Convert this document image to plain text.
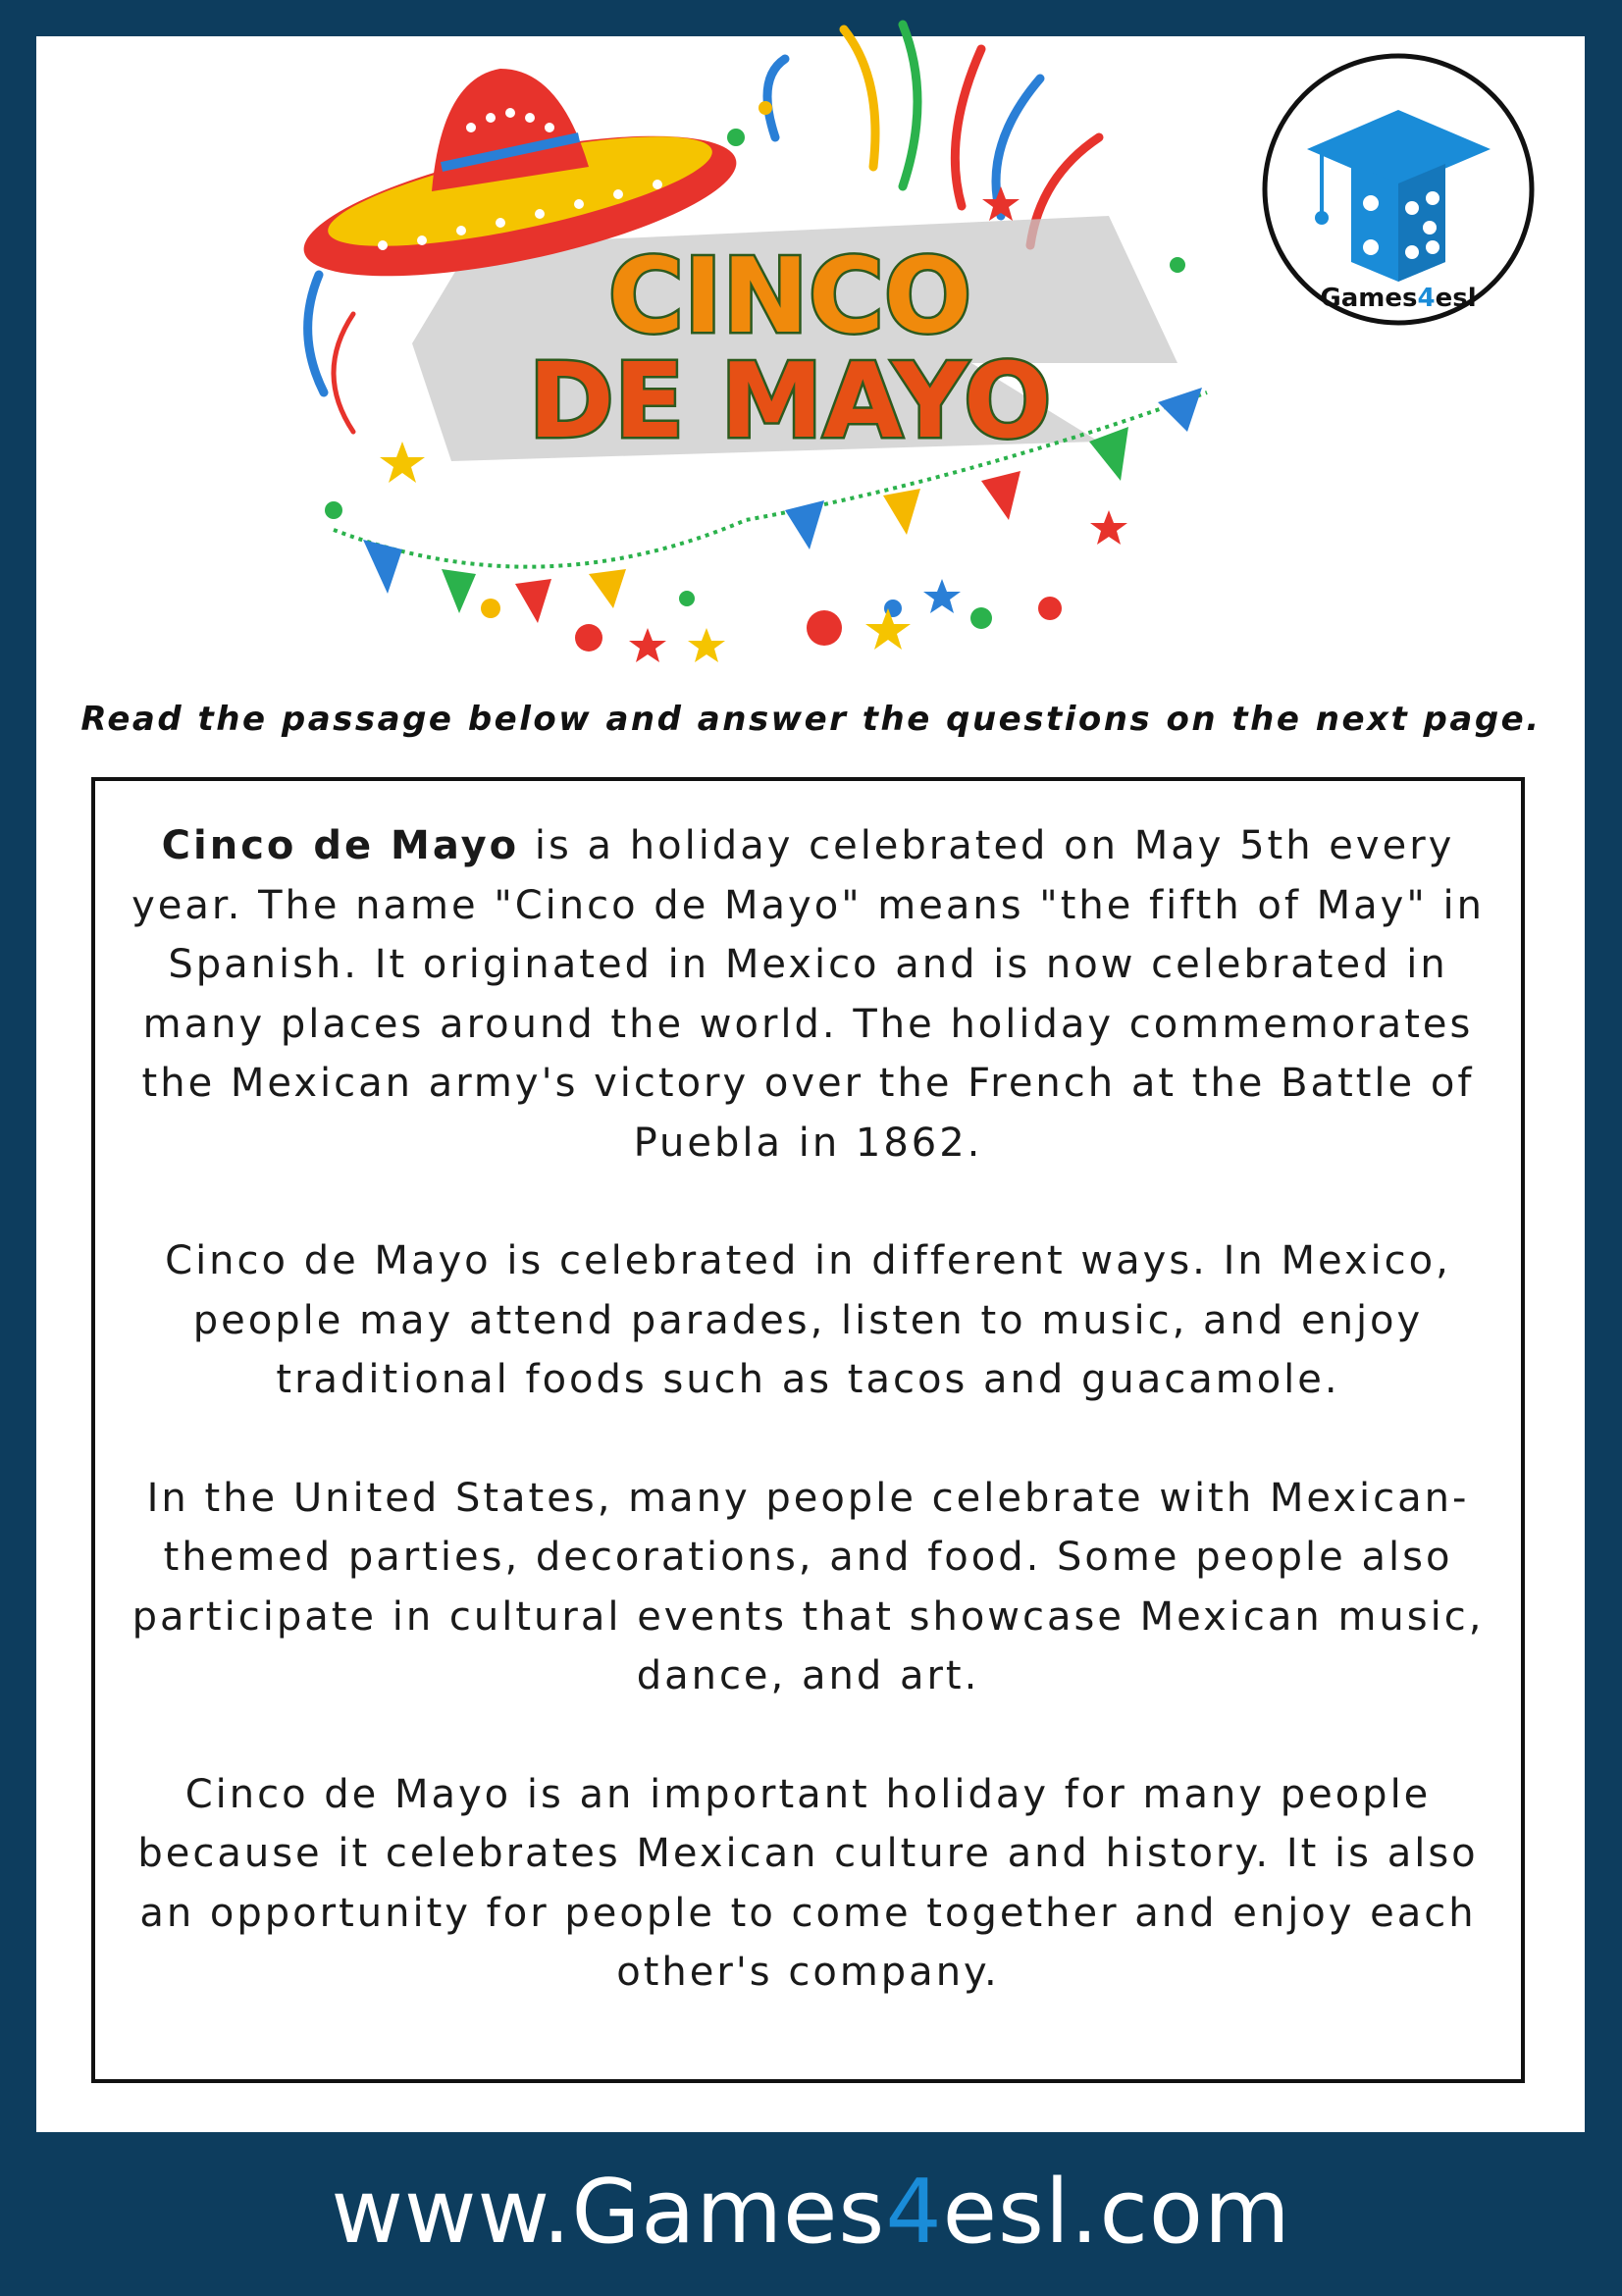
CINCO
DE MAYO
Games4esl
Read the passage below and answer the questions on the next page.

Cinco de Mayo is a holiday celebrated on May 5th every year. The name "Cinco de Mayo" means "the fifth of May" in Spanish. It originated in Mexico and is now celebrated in many places around the world. The holiday commemorates the Mexican army's victory over the French at the Battle of Puebla in 1862.

Cinco de Mayo is celebrated in different ways. In Mexico, people may attend parades, listen to music, and enjoy traditional foods such as tacos and guacamole.

In the United States, many people celebrate with Mexican-themed parties, decorations, and food. Some people also participate in cultural events that showcase Mexican music, dance, and art.

Cinco de Mayo is an important holiday for many people because it celebrates Mexican culture and history. It is also an opportunity for people to come together and enjoy each other's company.

www.Games4esl.com
